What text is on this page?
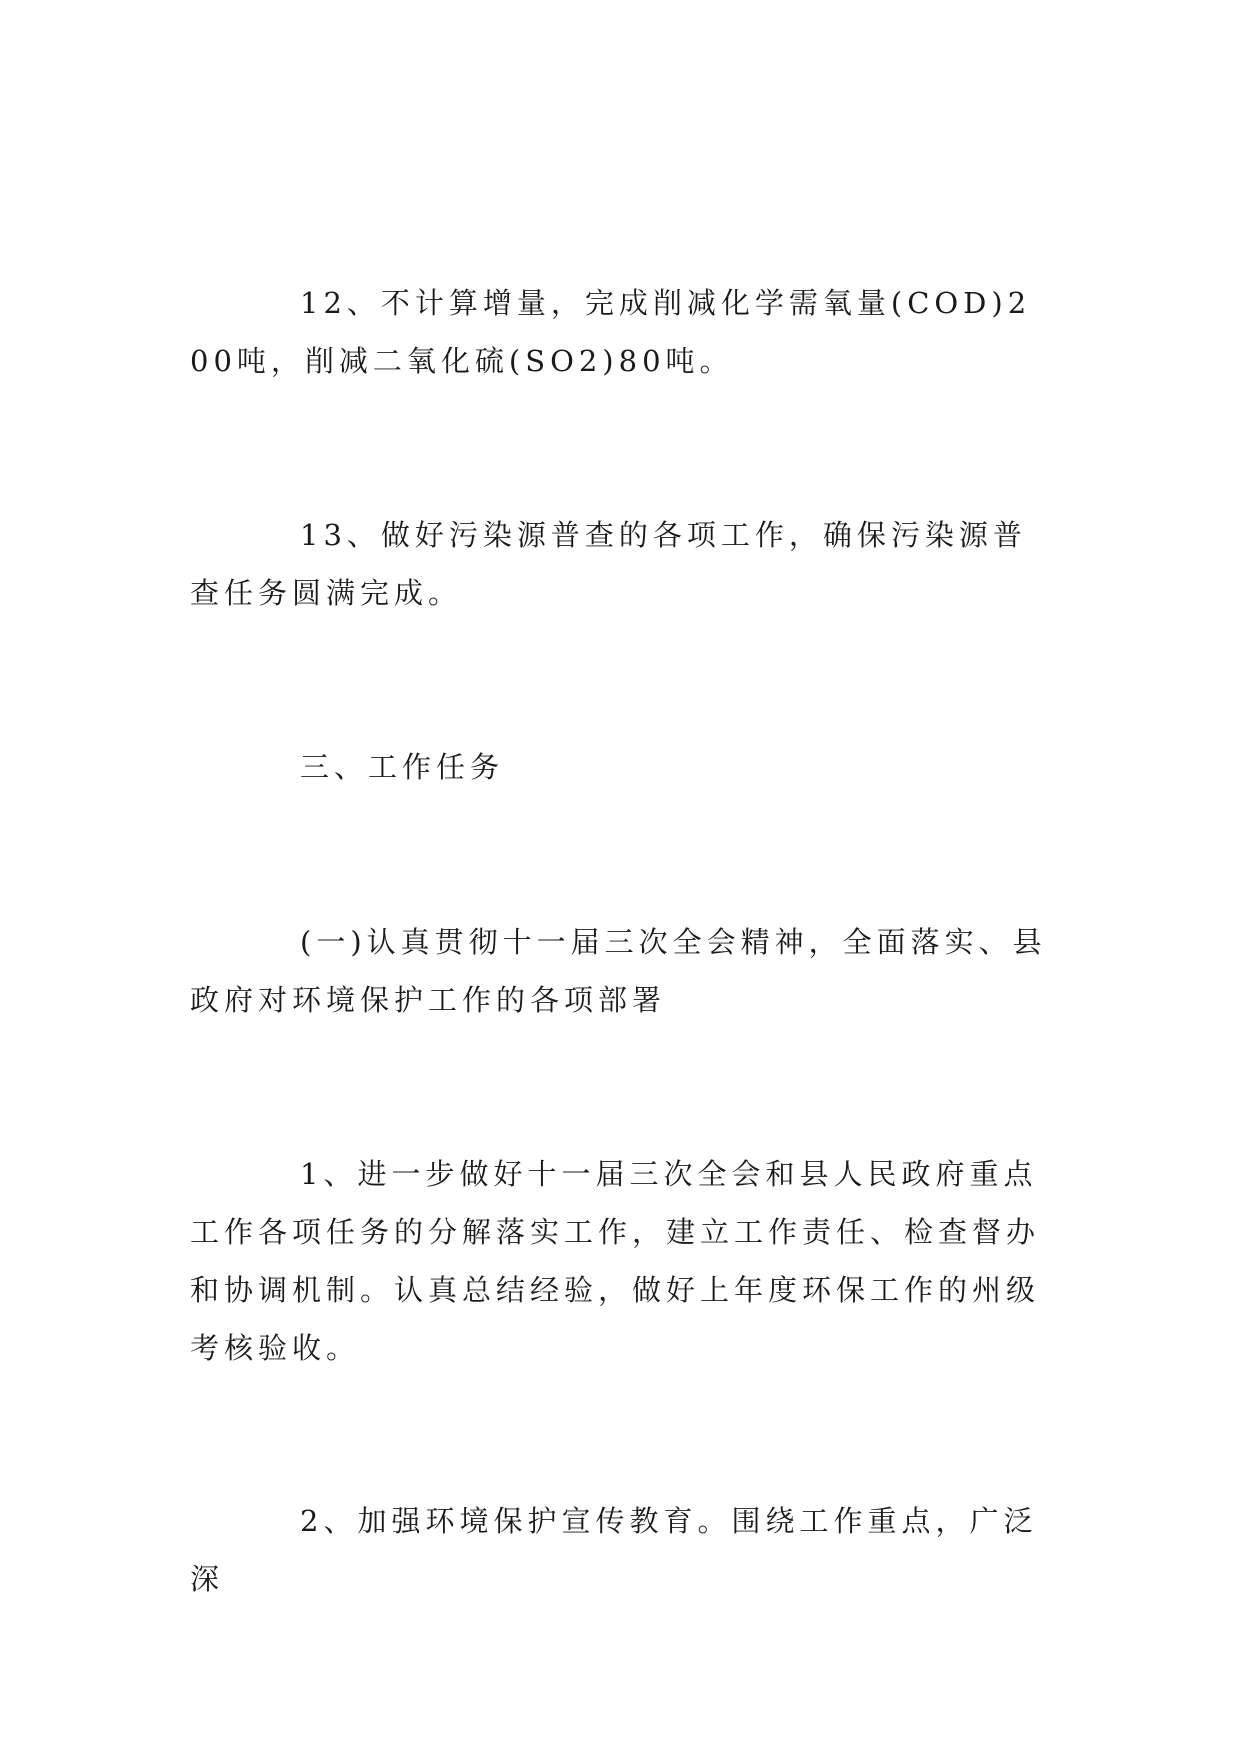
12、不计算增量，完成削减化学需氧量(COD)200吨，削减二氧化硫(SO2)80吨。

13、做好污染源普查的各项工作，确保污染源普查任务圆满完成。

三、工作任务

(一)认真贯彻十一届三次全会精神，全面落实、县政府对环境保护工作的各项部署

1、进一步做好十一届三次全会和县人民政府重点工作各项任务的分解落实工作，建立工作责任、检查督办和协调机制。认真总结经验，做好上年度环保工作的州级考核验收。

2、加强环境保护宣传教育。围绕工作重点，广泛深
